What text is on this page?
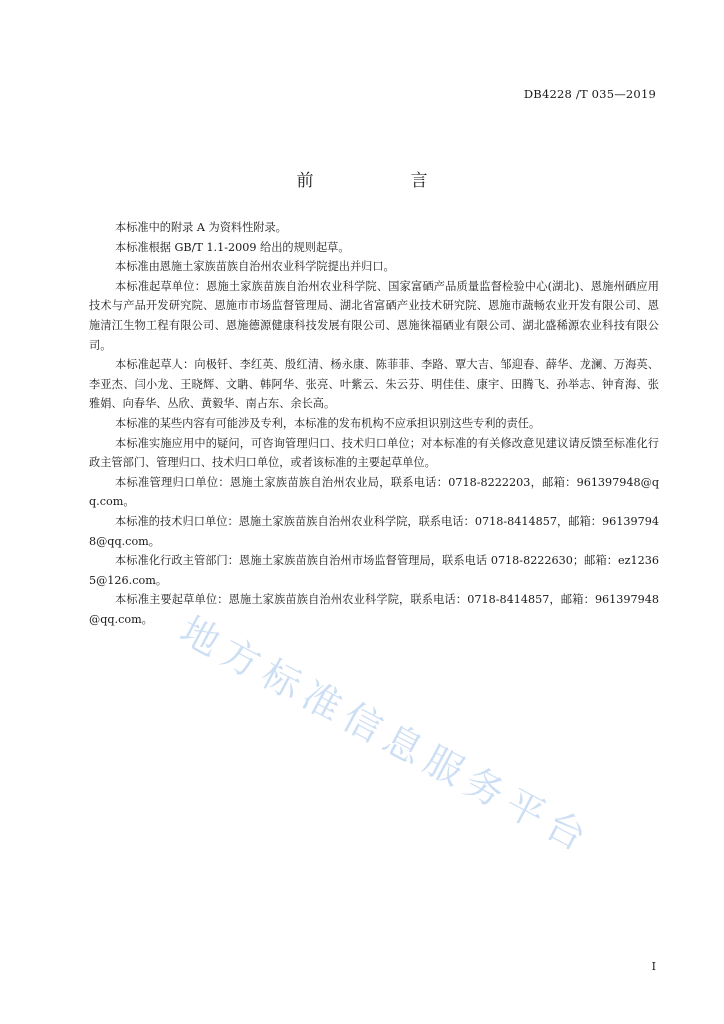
DB4228 /T 035—2019
前　言

本标准中的附录 A 为资料性附录。

本标准根据 GB/T 1.1-2009 给出的规则起草。

本标准由恩施土家族苗族自治州农业科学院提出并归口。

本标准起草单位：恩施土家族苗族自治州农业科学院、国家富硒产品质量监督检验中心(湖北)、恩施州硒应用技术与产品开发研究院、恩施市市场监督管理局、湖北省富硒产业技术研究院、恩施市蔬畅农业开发有限公司、恩施清江生物工程有限公司、恩施德源健康科技发展有限公司、恩施徕福硒业有限公司、湖北盛稀源农业科技有限公司。

本标准起草人：向极钎、李红英、殷红清、杨永康、陈菲菲、李路、覃大吉、邹迎春、薛华、龙澜、万海英、李亚杰、闫小龙、王晓辉、文聃、韩阿华、张亮、叶紫云、朱云芬、明佳佳、康宇、田腾飞、孙举志、钟育海、张雅娟、向春华、丛欣、黄毅华、南占东、余长高。

本标准的某些内容有可能涉及专利，本标准的发布机构不应承担识别这些专利的责任。

本标准实施应用中的疑问，可咨询管理归口、技术归口单位；对本标准的有关修改意见建议请反馈至标准化行政主管部门、管理归口、技术归口单位，或者该标准的主要起草单位。

本标准管理归口单位：恩施土家族苗族自治州农业局，联系电话：0718-8222203，邮箱：961397948@qq.com。

本标准的技术归口单位：恩施土家族苗族自治州农业科学院，联系电话：0718-8414857，邮箱：961397948@qq.com。

本标准化行政主管部门：恩施土家族苗族自治州市场监督管理局，联系电话 0718-8222630；邮箱：ez12365@126.com。

本标准主要起草单位：恩施土家族苗族自治州农业科学院，联系电话：0718-8414857，邮箱：961397948@qq.com。 地方标准信息服务平台
I
